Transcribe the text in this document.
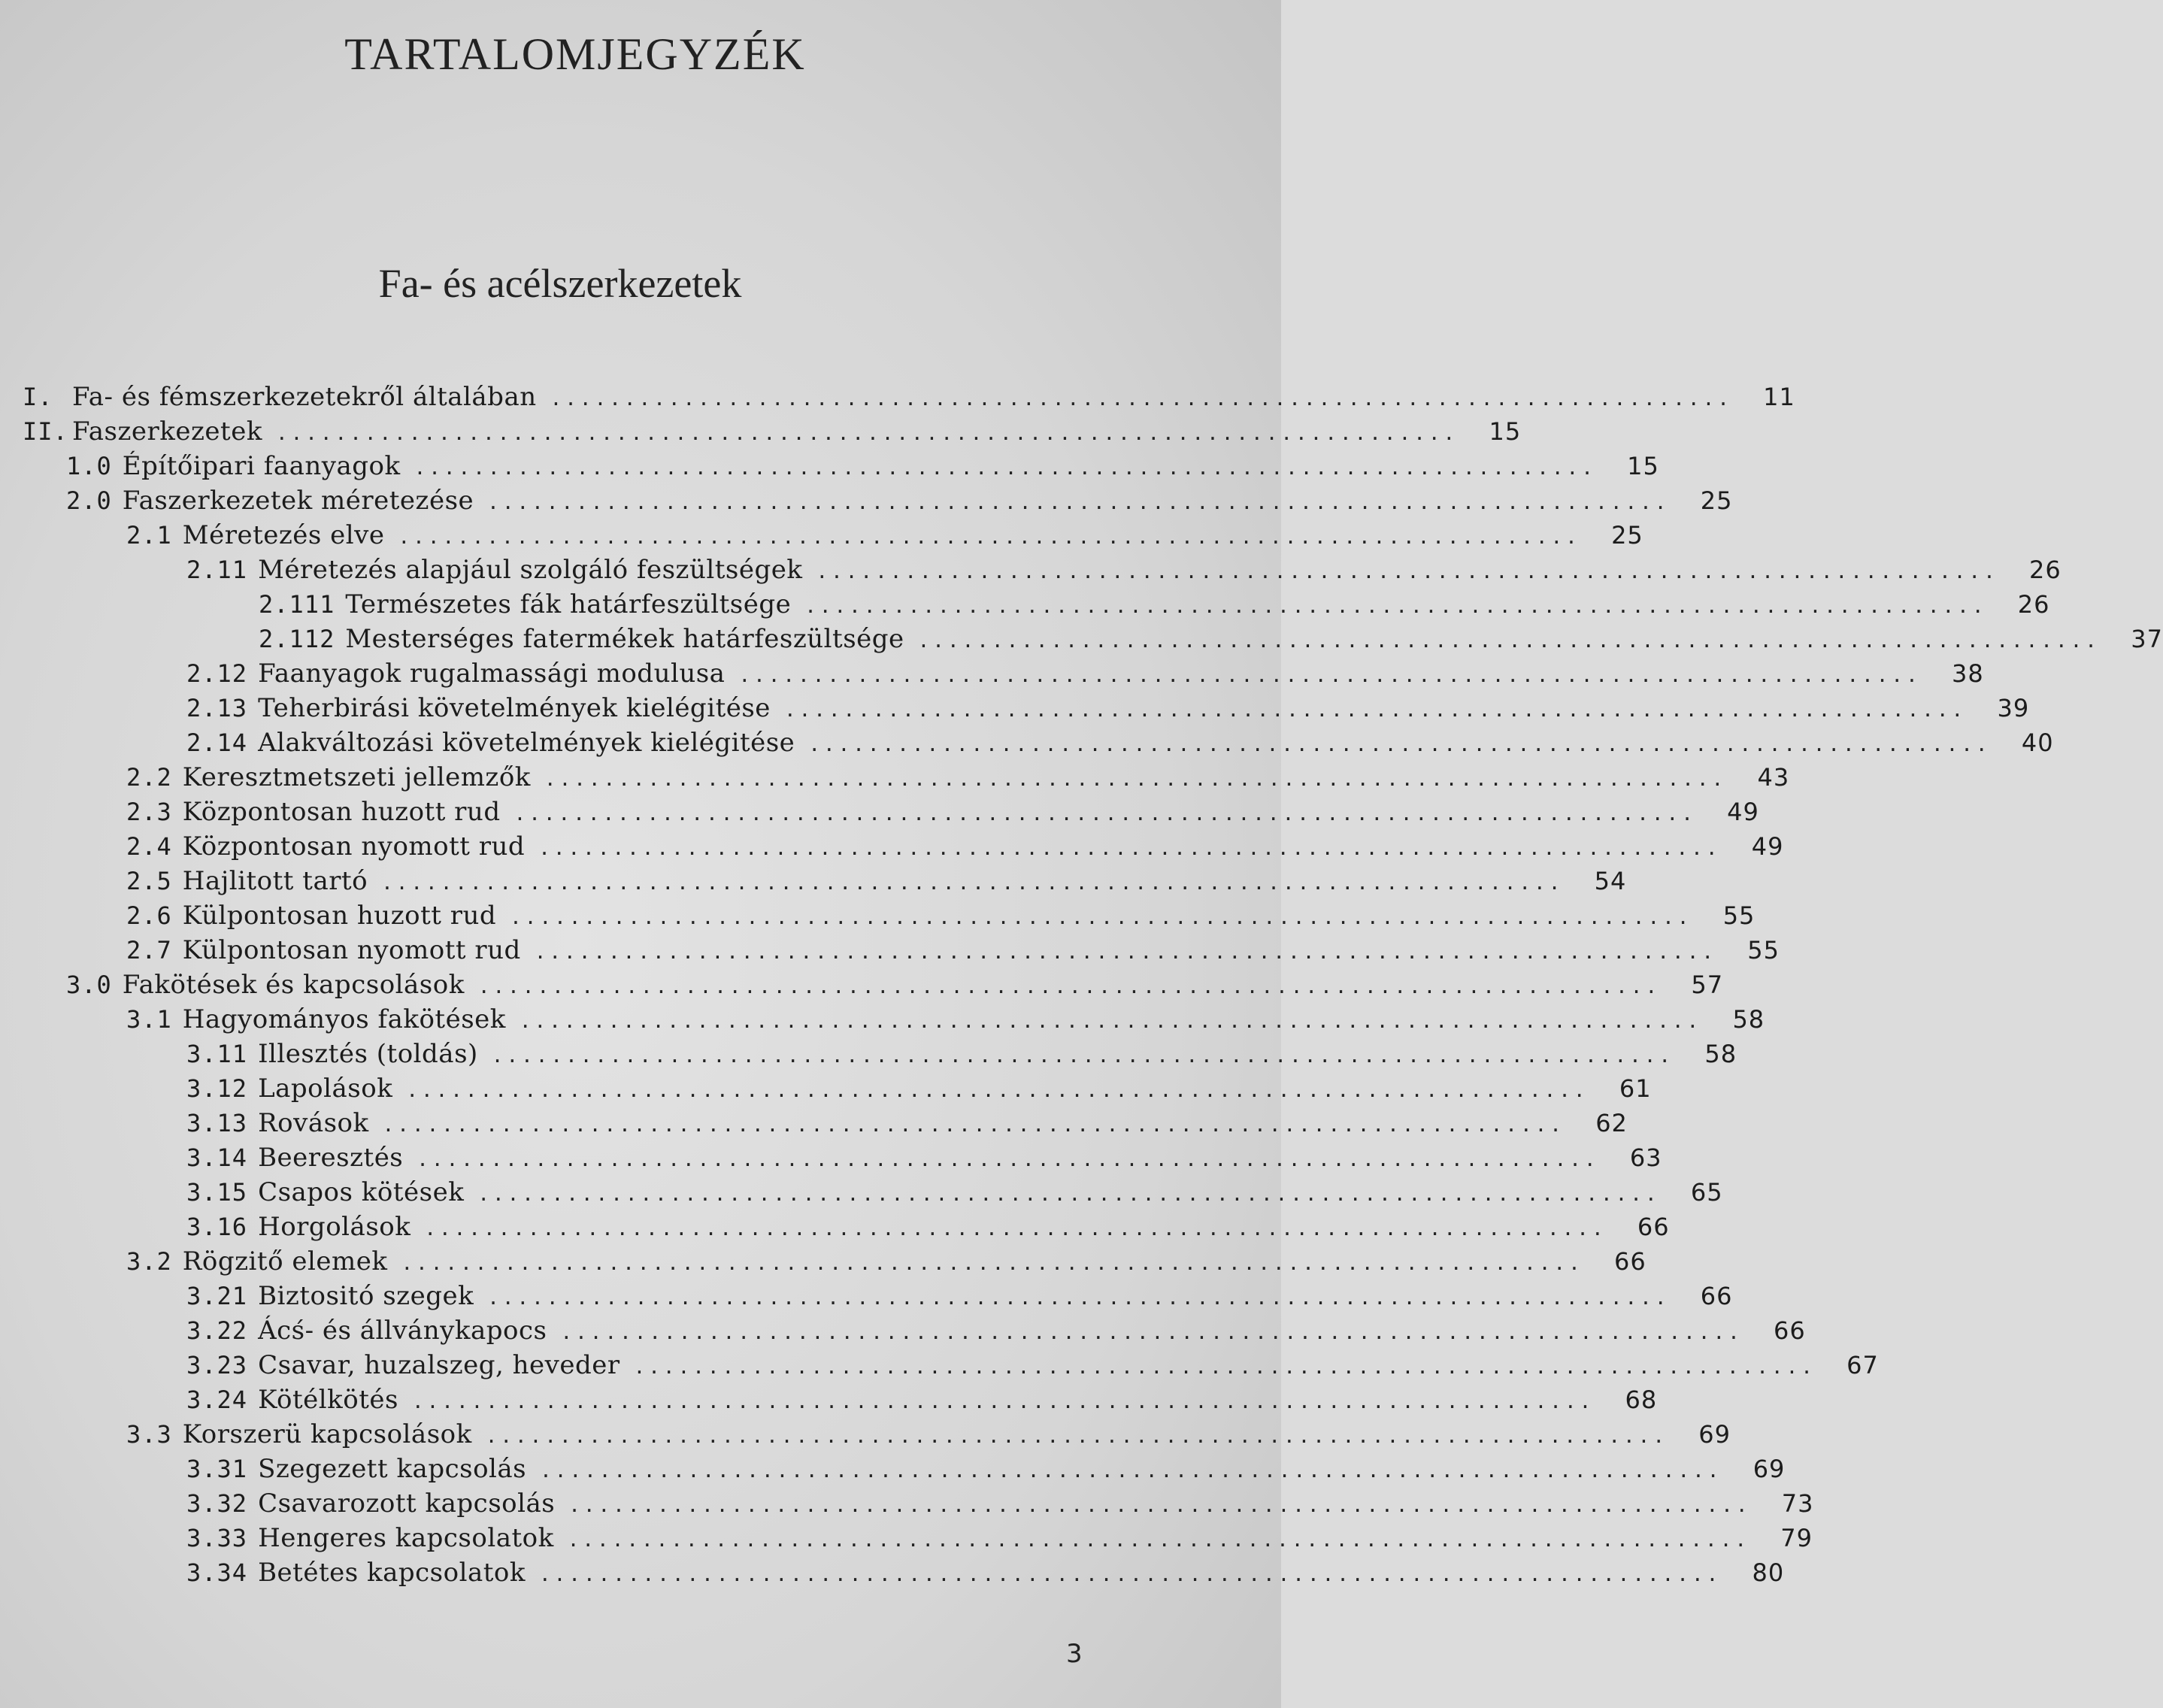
TARTALOMJEGYZÉK
Fa- és acélszerkezetek
I. Fa- és fémszerkezetekről általában ................................................................................	11
II. Faszerkezetek ................................................................................	15
1.0 Építőipari faanyagok ................................................................................	15
2.0 Faszerkezetek méretezése ................................................................................	25
2.1 Méretezés elve ................................................................................	25
2.11 Méretezés alapjául szolgáló feszültségek ................................................................................	26
2.111 Természetes fák határfeszültsége ................................................................................	26
2.112 Mesterséges fatermékek határfeszültsége ................................................................................	37
2.12 Faanyagok rugalmassági modulusa ................................................................................	38
2.13 Teherbirási követelmények kielégitése ................................................................................	39
2.14 Alakváltozási követelmények kielégitése ................................................................................	40
2.2 Keresztmetszeti jellemzők ................................................................................	43
2.3 Központosan huzott rud ................................................................................	49
2.4 Központosan nyomott rud ................................................................................	49
2.5 Hajlitott tartó ................................................................................	54
2.6 Külpontosan huzott rud ................................................................................	55
2.7 Külpontosan nyomott rud ................................................................................	55
3.0 Fakötések és kapcsolások ................................................................................	57
3.1 Hagyományos fakötések ................................................................................	58
3.11 Illesztés (toldás) ................................................................................	58
3.12 Lapolások ................................................................................	61
3.13 Rovások ................................................................................	62
3.14 Beeresztés ................................................................................	63
3.15 Csapos kötések ................................................................................	65
3.16 Horgolások ................................................................................	66
3.2 Rögzitő elemek ................................................................................	66
3.21 Biztositó szegek ................................................................................	66
3.22 Ácś- és állványkapocs ................................................................................	66
3.23 Csavar, huzalszeg, heveder ................................................................................	67
3.24 Kötélkötés ................................................................................	68
3.3 Korszerü kapcsolások ................................................................................	69
3.31 Szegezett kapcsolás ................................................................................	69
3.32 Csavarozott kapcsolás ................................................................................	73
3.33 Hengeres kapcsolatok ................................................................................	79
3.34 Betétes kapcsolatok ................................................................................	80
3
